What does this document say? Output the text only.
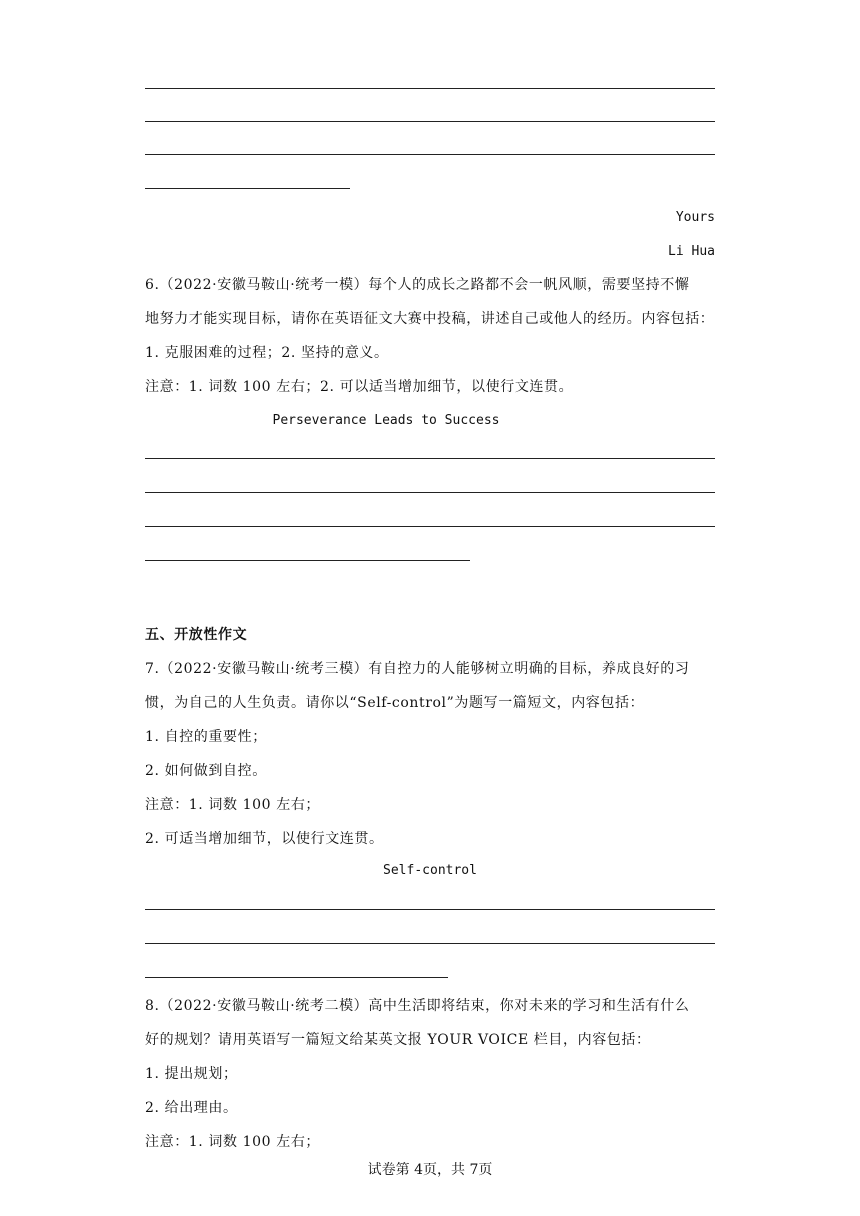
Yours
Li Hua
6.（2022·安徽马鞍山·统考一模）每个人的成长之路都不会一帆风顺，需要坚持不懈
地努力才能实现目标，请你在英语征文大赛中投稿，讲述自己或他人的经历。内容包括：
1. 克服困难的过程；2. 坚持的意义。
注意：1. 词数 100 左右；2. 可以适当增加细节，以使行文连贯。
Perseverance Leads to Success
五、开放性作文
7.（2022·安徽马鞍山·统考三模）有自控力的人能够树立明确的目标，养成良好的习
惯，为自己的人生负责。请你以“Self-control”为题写一篇短文，内容包括：
1. 自控的重要性；
2. 如何做到自控。
注意：1. 词数 100 左右；
2. 可适当增加细节，以使行文连贯。
Self-control
8.（2022·安徽马鞍山·统考二模）高中生活即将结束，你对未来的学习和生活有什么
好的规划？请用英语写一篇短文给某英文报 YOUR VOICE 栏目，内容包括：
1. 提出规划；
2. 给出理由。
注意：1. 词数 100 左右；
试卷第 4页，共 7页
